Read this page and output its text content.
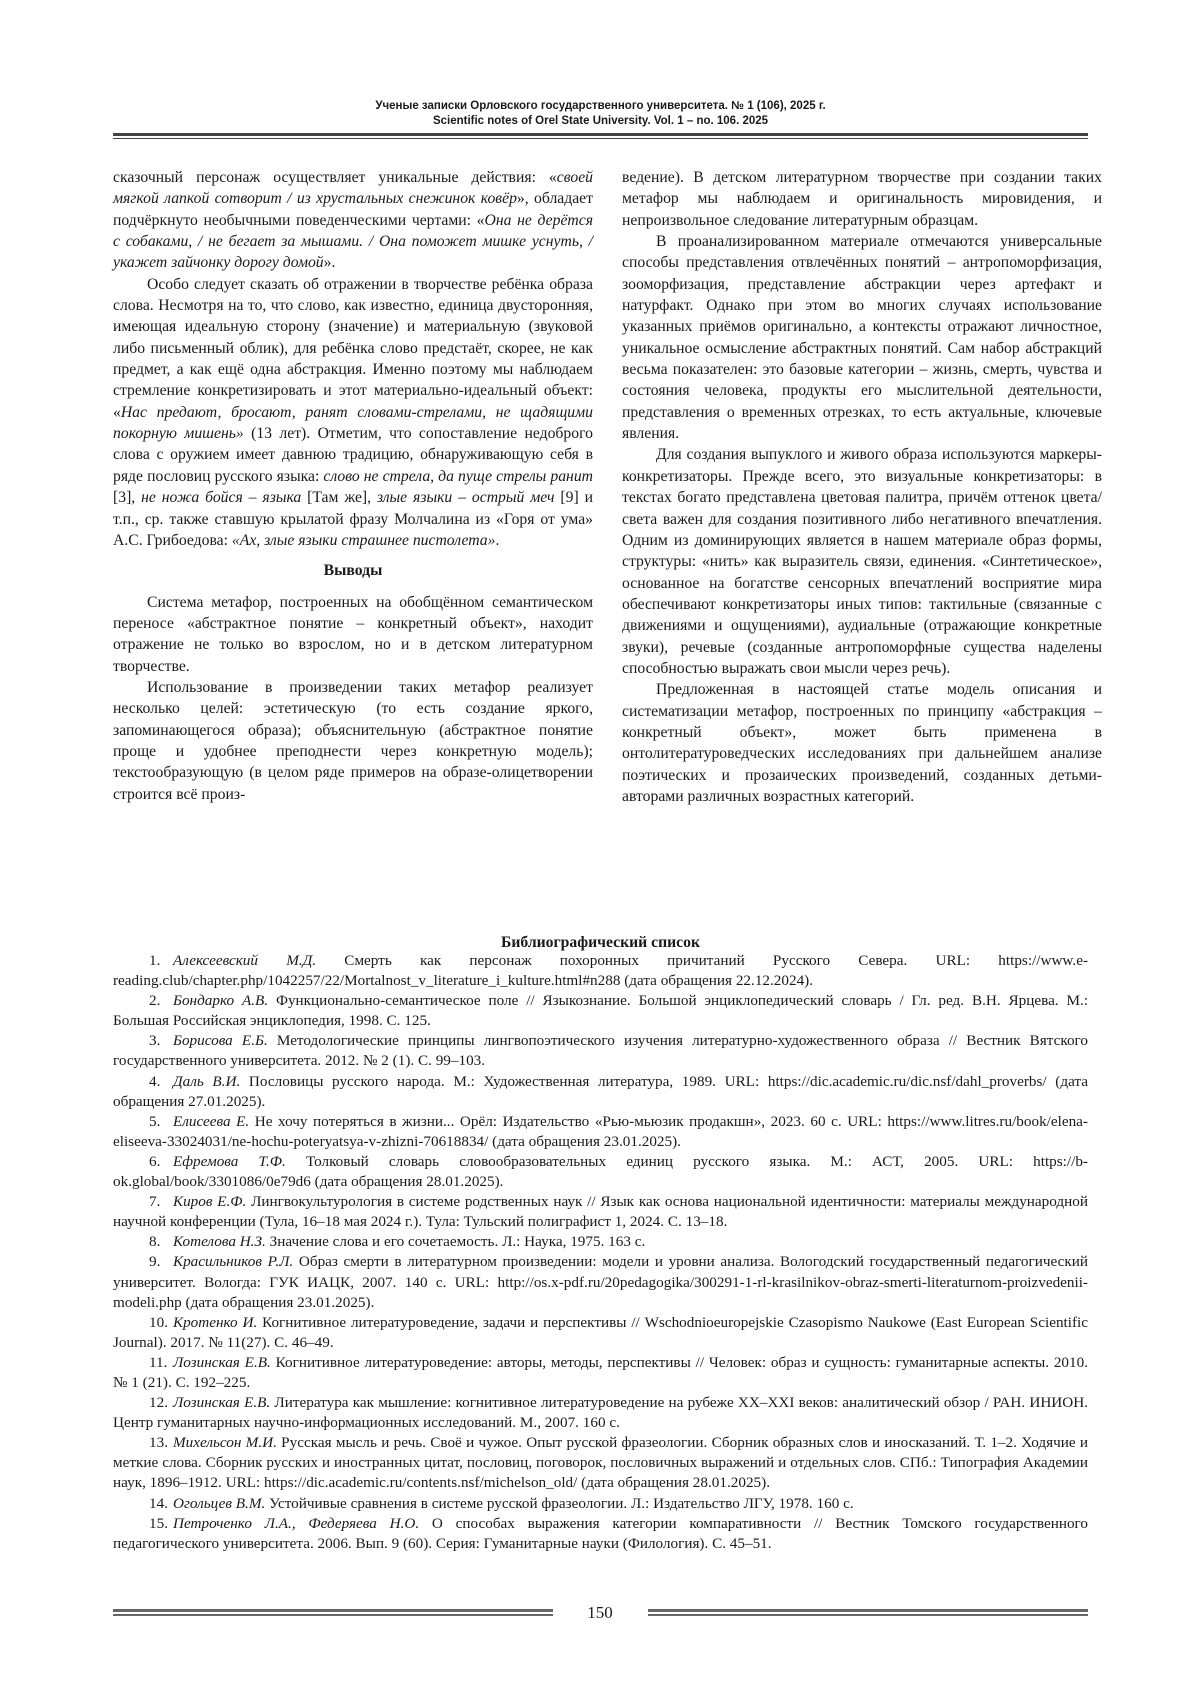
Ученые записки Орловского государственного университета. № 1 (106), 2025 г.
Scientific notes of Orel State University. Vol. 1 – no. 106. 2025

сказочный персонаж осуществляет уникальные действия: «своей мягкой лапкой сотворит / из хрустальных снежинок ковёр», обладает подчёркнуто необычными поведенческими чертами: «Она не дерётся с собаками, / не бегает за мышами. / Она поможет мишке уснуть, / укажет зайчонку дорогу домой».

Особо следует сказать об отражении в творчестве ребёнка образа слова. Несмотря на то, что слово, как известно, единица двусторонняя, имеющая идеальную сторону (значение) и материальную (звуковой либо письменный облик), для ребёнка слово предстаёт, скорее, не как предмет, а как ещё одна абстракция. Именно поэтому мы наблюдаем стремление конкретизировать и этот материально-идеальный объект: «Нас предают, бросают, ранят словами-стрелами, не щадящими покорную мишень» (13 лет). Отметим, что сопоставление недоброго слова с оружием имеет давнюю традицию, обнаруживающую себя в ряде пословиц русского языка: слово не стрела, да пуще стрелы ранит [3], не ножа бойся – языка [Там же], злые языки – острый меч [9] и т.п., ср. также ставшую крылатой фразу Молчалина из «Горя от ума» А.С. Грибоедова: «Ах, злые языки страшнее пистолета».

Выводы

Система метафор, построенных на обобщённом семантическом переносе «абстрактное понятие – конкретный объект», находит отражение не только во взрослом, но и в детском литературном творчестве.

Использование в произведении таких метафор реализует несколько целей: эстетическую (то есть создание яркого, запоминающегося образа); объяснительную (абстрактное понятие проще и удобнее преподнести через конкретную модель); текстообразующую (в целом ряде примеров на образе-олицетворении строится всё произ-

ведение). В детском литературном творчестве при создании таких метафор мы наблюдаем и оригинальность мировидения, и непроизвольное следование литературным образцам.

В проанализированном материале отмечаются универсальные способы представления отвлечённых понятий – антропоморфизация, зооморфизация, представление абстракции через артефакт и натурфакт. Однако при этом во многих случаях использование указанных приёмов оригинально, а контексты отражают личностное, уникальное осмысление абстрактных понятий. Сам набор абстракций весьма показателен: это базовые категории – жизнь, смерть, чувства и состояния человека, продукты его мыслительной деятельности, представления о временных отрезках, то есть актуальные, ключевые явления.

Для создания выпуклого и живого образа используются маркеры-конкретизаторы. Прежде всего, это визуальные конкретизаторы: в текстах богато представлена цветовая палитра, причём оттенок цвета/света важен для создания позитивного либо негативного впечатления. Одним из доминирующих является в нашем материале образ формы, структуры: «нить» как выразитель связи, единения. «Синтетическое», основанное на богатстве сенсорных впечатлений восприятие мира обеспечивают конкретизаторы иных типов: тактильные (связанные с движениями и ощущениями), аудиальные (отражающие конкретные звуки), речевые (созданные антропоморфные существа наделены способностью выражать свои мысли через речь).

Предложенная в настоящей статье модель описания и систематизации метафор, построенных по принципу «абстракция – конкретный объект», может быть применена в онтолитературоведческих исследованиях при дальнейшем анализе поэтических и прозаических произведений, созданных детьми-авторами различных возрастных категорий.

Библиографический список

1. Алексеевский М.Д. Смерть как персонаж похоронных причитаний Русского Севера. URL: https://www.e-reading.club/chapter.php/1042257/22/Mortalnost_v_literature_i_kulture.html#n288 (дата обращения 22.12.2024).

2. Бондарко А.В. Функционально-семантическое поле // Языкознание. Большой энциклопедический словарь / Гл. ред. В.Н. Ярцева. М.: Большая Российская энциклопедия, 1998. С. 125.

3. Борисова Е.Б. Методологические принципы лингвопоэтического изучения литературно-художественного образа // Вестник Вятского государственного университета. 2012. № 2 (1). С. 99–103.

4. Даль В.И. Пословицы русского народа. М.: Художественная литература, 1989. URL: https://dic.academic.ru/dic.nsf/dahl_proverbs/ (дата обращения 27.01.2025).

5. Елисеева Е. Не хочу потеряться в жизни... Орёл: Издательство «Рью-мьюзик продакшн», 2023. 60 с. URL: https://www.litres.ru/book/elena-eliseeva-33024031/ne-hochu-poteryatsya-v-zhizni-70618834/ (дата обращения 23.01.2025).

6. Ефремова Т.Ф. Толковый словарь словообразовательных единиц русского языка. М.: АСТ, 2005. URL: https://b-ok.global/book/3301086/0e79d6 (дата обращения 28.01.2025).

7. Киров Е.Ф. Лингвокультурология в системе родственных наук // Язык как основа национальной идентичности: материалы международной научной конференции (Тула, 16–18 мая 2024 г.). Тула: Тульский полиграфист 1, 2024. С. 13–18.

8. Котелова Н.З. Значение слова и его сочетаемость. Л.: Наука, 1975. 163 с.

9. Красильников Р.Л. Образ смерти в литературном произведении: модели и уровни анализа. Вологодский государственный педагогический университет. Вологда: ГУК ИАЦК, 2007. 140 с. URL: http://os.x-pdf.ru/20pedagogika/300291-1-rl-krasilnikov-obraz-smerti-literaturnom-proizvedenii-modeli.php (дата обращения 23.01.2025).

10. Кротенко И. Когнитивное литературоведение, задачи и перспективы // Wschodnioeuropejskie Czasopismo Naukowe (East European Scientific Journal). 2017. № 11(27). С. 46–49.

11. Лозинская Е.В. Когнитивное литературоведение: авторы, методы, перспективы // Человек: образ и сущность: гуманитарные аспекты. 2010. № 1 (21). С. 192–225.

12. Лозинская Е.В. Литература как мышление: когнитивное литературоведение на рубеже ХХ–ХХI веков: аналитический обзор / РАН. ИНИОН. Центр гуманитарных научно-информационных исследований. М., 2007. 160 с.

13. Михельсон М.И. Русская мысль и речь. Своё и чужое. Опыт русской фразеологии. Сборник образных слов и иносказаний. Т. 1–2. Ходячие и меткие слова. Сборник русских и иностранных цитат, пословиц, поговорок, пословичных выражений и отдельных слов. СПб.: Типография Академии наук, 1896–1912. URL: https://dic.academic.ru/contents.nsf/michelson_old/ (дата обращения 28.01.2025).

14. Огольцев В.М. Устойчивые сравнения в системе русской фразеологии. Л.: Издательство ЛГУ, 1978. 160 с.

15. Петроченко Л.А., Федеряева Н.О. О способах выражения категории компаративности // Вестник Томского государственного педагогического университета. 2006. Вып. 9 (60). Серия: Гуманитарные науки (Филология). С. 45–51.

150
